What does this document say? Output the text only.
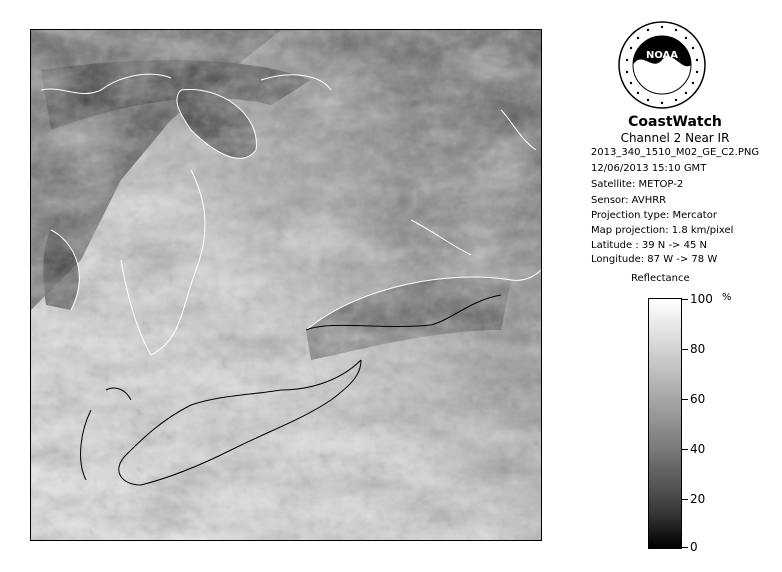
NOAA
CoastWatch
Channel 2 Near IR
2013_340_1510_M02_GE_C2.PNG
12/06/2013 15:10 GMT
Satellite: METOP-2
Sensor: AVHRR
Projection type: Mercator
Map projection: 1.8 km/pixel
Latitude : 39 N -> 45 N
Longitude: 87 W -> 78 W
Reflectance
%
100
80
60
40
20
0
